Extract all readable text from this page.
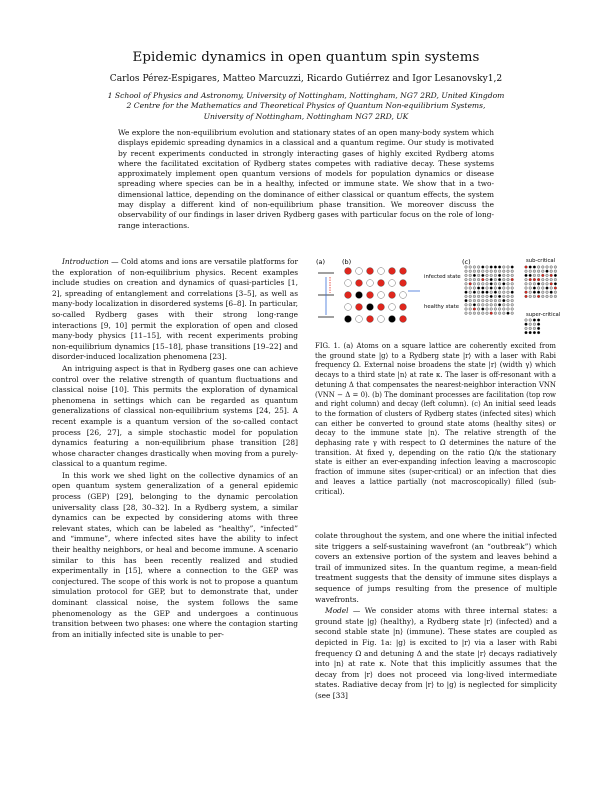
Epidemic dynamics in open quantum spin systems
Carlos Pérez-Espigares, Matteo Marcuzzi, Ricardo Gutiérrez and Igor Lesanovsky1,2
1 School of Physics and Astronomy, University of Nottingham, Nottingham, NG7 2RD, United Kingdom
2 Centre for the Mathematics and Theoretical Physics of Quantum Non-equilibrium Systems,
University of Nottingham, Nottingham NG7 2RD, UK
We explore the non-equilibrium evolution and stationary states of an open many-body system which displays epidemic spreading dynamics in a classical and a quantum regime. Our study is motivated by recent experiments conducted in strongly interacting gases of highly excited Rydberg atoms where the facilitated excitation of Rydberg states competes with radiative decay. These systems approximately implement open quantum versions of models for population dynamics or disease spreading where species can be in a healthy, infected or immune state. We show that in a two-dimensional lattice, depending on the dominance of either classical or quantum effects, the system may display a different kind of non-equilibrium phase transition. We moreover discuss the observability of our findings in laser driven Rydberg gases with particular focus on the role of long-range interactions.

Introduction — Cold atoms and ions are versatile platforms for the exploration of non-equilibrium physics. Recent examples include studies on creation and dynamics of quasi-particles [1, 2], spreading of entanglement and correlations [3–5], as well as many-body localization in disordered systems [6–8]. In particular, so-called Rydberg gases with their strong long-range interactions [9, 10] permit the exploration of open and closed many-body physics [11–15], with recent experiments probing non-equilibrium dynamics [15–18], phase transitions [19–22] and disorder-induced localization phenomena [23].

An intriguing aspect is that in Rydberg gases one can achieve control over the relative strength of quantum fluctuations and classical noise [10]. This permits the exploration of dynamical phenomena in settings which can be regarded as quantum generalizations of classical non-equilibrium systems [24, 25]. A recent example is a quantum version of the so-called contact process [26, 27], a simple stochastic model for population dynamics featuring a non-equilibrium phase transition [28] whose character changes drastically when moving from a purely-classical to a quantum regime.

In this work we shed light on the collective dynamics of an open quantum system generalization of a general epidemic process (GEP) [29], belonging to the dynamic percolation universality class [28, 30–32]. In a Rydberg system, a similar dynamics can be expected by considering atoms with three relevant states, which can be labeled as “healthy”, “infected” and “immune”, where infected sites have the ability to infect their healthy neighbors, or heal and become immune. A scenario similar to this has been recently realized and studied experimentally in [15], where a connection to the GEP was conjectured. The scope of this work is not to propose a quantum simulation protocol for GEP, but to demonstrate that, under dominant classical noise, the system follows the same phenomenology as the GEP and undergoes a continuous transition between two phases: one where the contagion starting from an initially infected site is unable to per-

(a)	(b)	(c)
infected state
sub-critical
super-critical
healthy state
FIG. 1. (a) Atoms on a square lattice are coherently excited from the ground state |g⟩ to a Rydberg state |r⟩ with a laser with Rabi frequency Ω. External noise broadens the state |r⟩ (width γ) which decays to a third state |n⟩ at rate κ. The laser is off-resonant with a detuning Δ that compensates the nearest-neighbor interaction VNN (VNN − Δ = 0). (b) The dominant processes are facilitation (top row and right column) and decay (left column). (c) An initial seed leads to the formation of clusters of Rydberg states (infected sites) which can either be converted to ground state atoms (healthy sites) or decay to the immune state |n⟩. The relative strength of the dephasing rate γ with respect to Ω determines the nature of the transition. At fixed γ, depending on the ratio Ω/κ the stationary state is either an ever-expanding infection leaving a macroscopic fraction of immune sites (super-critical) or an infection that dies and leaves a lattice partially (not macroscopically) filled (sub-critical).

colate throughout the system, and one where the initial infected site triggers a self-sustaining wavefront (an “outbreak”) which covers an extensive portion of the system and leaves behind a trail of immunized sites. In the quantum regime, a mean-field treatment suggests that the density of immune sites displays a sequence of jumps resulting from the presence of multiple wavefronts.

Model — We consider atoms with three internal states: a ground state |g⟩ (healthy), a Rydberg state |r⟩ (infected) and a second stable state |n⟩ (immune). These states are coupled as depicted in Fig. 1a: |g⟩ is excited to |r⟩ via a laser with Rabi frequency Ω and detuning Δ and the state |r⟩ decays radiatively into |n⟩ at rate κ. Note that this implicitly assumes that the decay from |r⟩ does not proceed via long-lived intermediate states. Radiative decay from |r⟩ to |g⟩ is neglected for simplicity (see [33]
